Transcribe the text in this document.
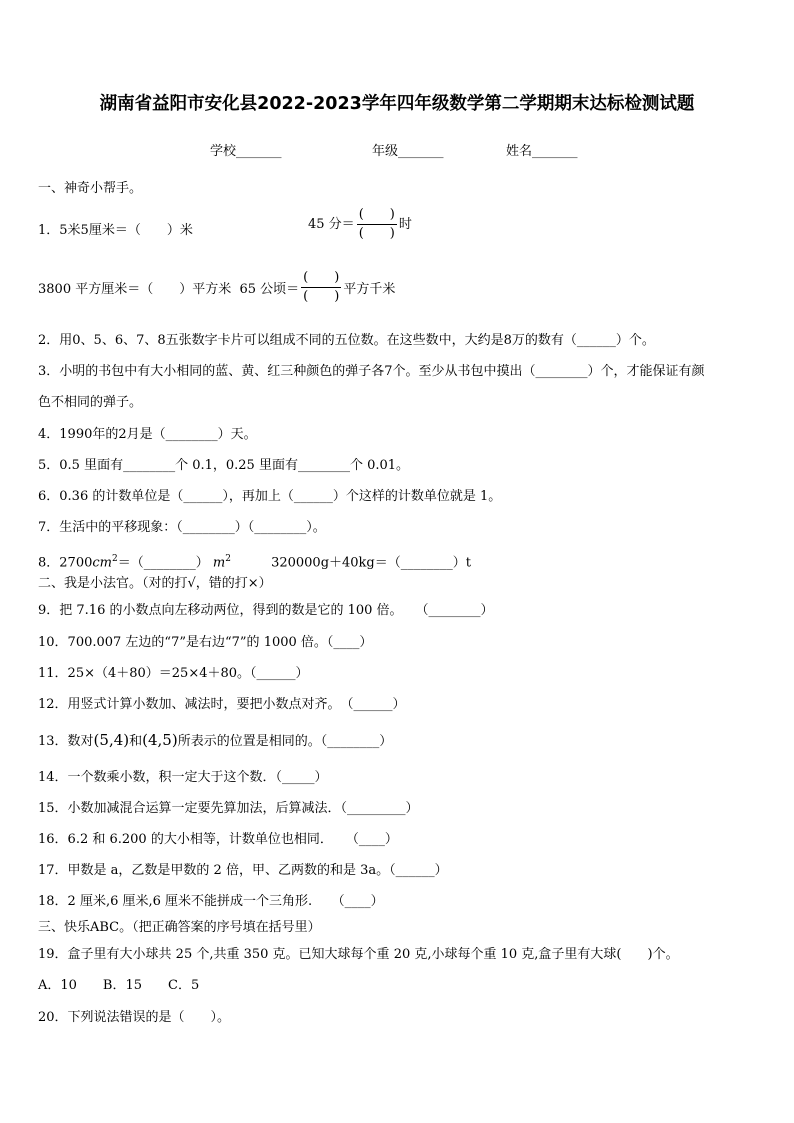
湖南省益阳市安化县2022-2023学年四年级数学第二学期期末达标检测试题
学校_______	年级_______	姓名_______
一、神奇小帮手。
1．5米5厘米＝（　　）米	45 分＝ $\frac{( )}{( )}$ 时
3800 平方厘米＝（　　）平方米 65 公顷＝ $\frac{( )}{( )}$ 平方千米
2．用0、5、6、7、8五张数字卡片可以组成不同的五位数。在这些数中，大约是8万的数有（______）个。
3．小明的书包中有大小相同的蓝、黄、红三种颜色的弹子各7个。至少从书包中摸出（________）个，才能保证有颜
色不相同的弹子。
4．1990年的2月是（________）天。
5．0.5 里面有________个 0.1，0.25 里面有________个 0.01。
6．0.36 的计数单位是（______），再加上（______）个这样的计数单位就是 1。
7．生活中的平移现象：（________）（________）。
8．$2700cm^2=(\_\_\_\_\_\_\_\_)$ $m^2$	320000g＋40kg＝（________）t
二、我是小法官。（对的打√，错的打×）
9．把 7.16 的小数点向左移动两位，得到的数是它的 100 倍。　　（________）
10．700.007 左边的“7”是右边“7”的 1000 倍。（____）
11．25×（4＋80）＝25×4＋80。（______）
12．用竖式计算小数加、减法时，要把小数点对齐。　（______）
13．数对(5,4)和(4,5)所表示的位置是相同的。（________）
14．一个数乘小数，积一定大于这个数．（_____）
15．小数加减混合运算一定要先算加法，后算减法．（_________）
16．6.2 和 6.200 的大小相等，计数单位也相同．　　（____）
17．甲数是 a，乙数是甲数的 2 倍，甲、乙两数的和是 3a。（______）
18．2 厘米,6 厘米,6 厘米不能拼成一个三角形.　　（____）
三、快乐ABC。（把正确答案的序号填在括号里）
19．盒子里有大小球共 25 个,共重 350 克。已知大球每个重 20 克,小球每个重 10 克,盒子里有大球(　　)个。
A．10　　B．15　　C．5
20．下列说法错误的是（　　）。
